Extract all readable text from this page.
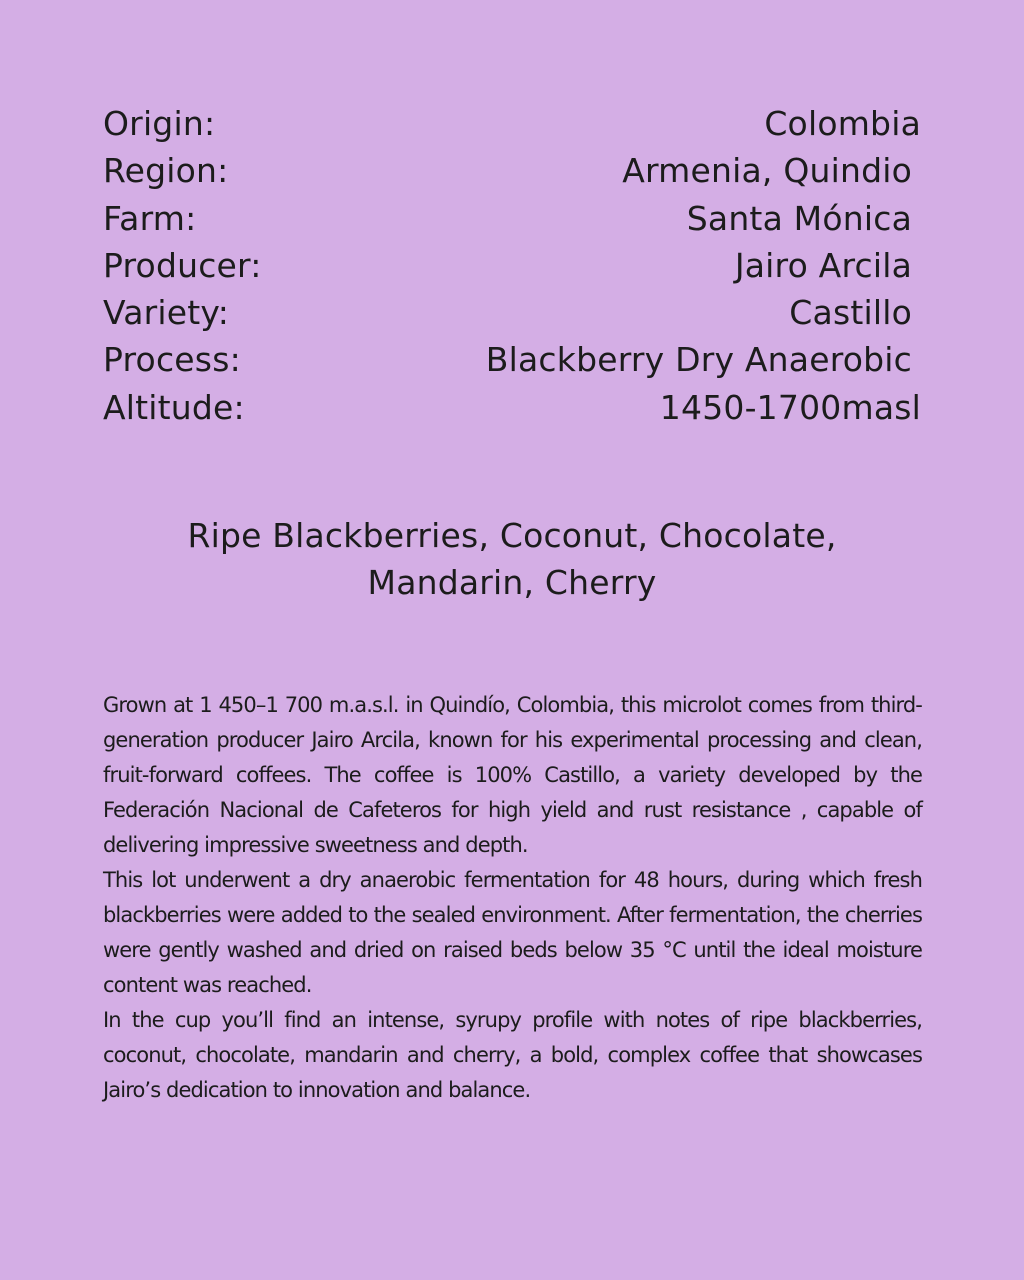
Origin:	Colombia
Region:	Armenia, Quindio
Farm:	Santa Mónica
Producer:	Jairo Arcila
Variety:	Castillo
Process:	Blackberry Dry Anaerobic
Altitude:	1450-1700masl
Ripe Blackberries, Coconut, Chocolate,
Mandarin, Cherry

Grown at 1 450–1 700 m.a.s.l. in Quindío, Colombia, this microlot comes from third-generation producer Jairo Arcila, known for his experimental processing and clean, fruit-forward coffees. The coffee is 100% Castillo, a variety developed by the Federación Nacional de Cafeteros for high yield and rust resistance , capable of delivering impressive sweetness and depth.

This lot underwent a dry anaerobic fermentation for 48 hours, during which fresh blackberries were added to the sealed environment. After fermentation, the cherries were gently washed and dried on raised beds below 35 °C until the ideal moisture content was reached.

In the cup you’ll find an intense, syrupy profile with notes of ripe blackberries, coconut, chocolate, mandarin and cherry, a bold, complex coffee that showcases Jairo’s dedication to innovation and balance.
